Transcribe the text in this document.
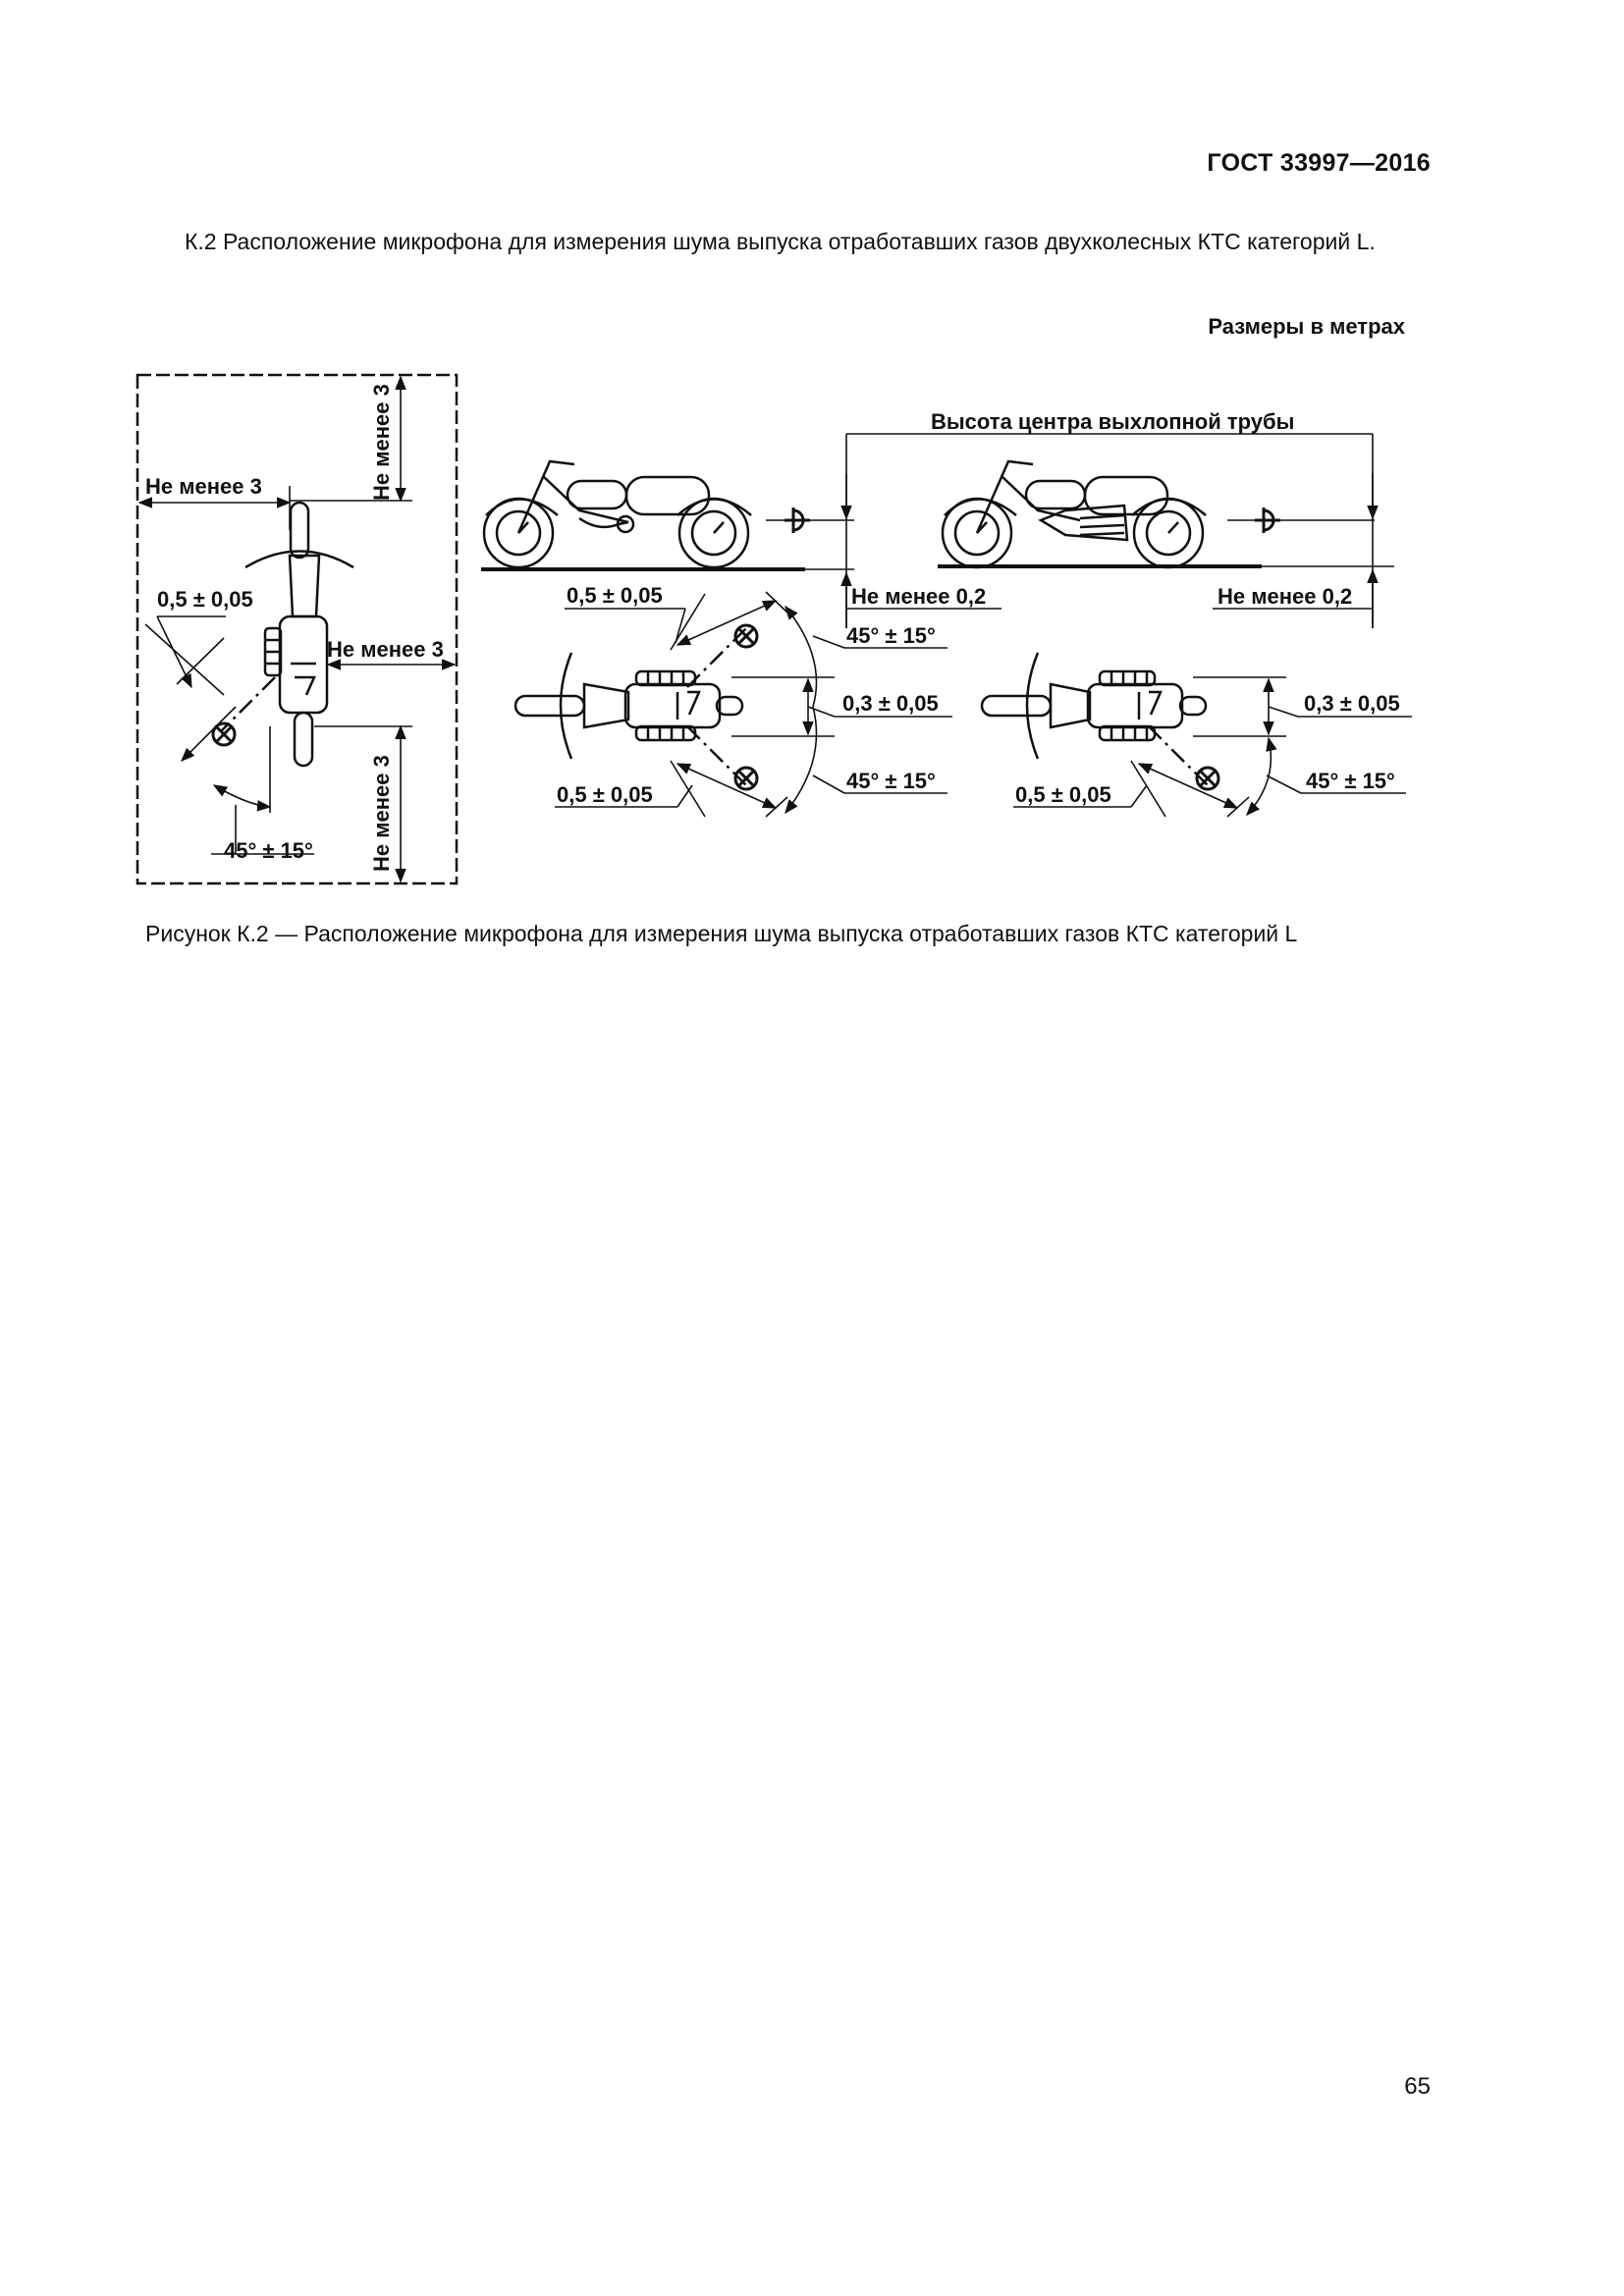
ГОСТ 33997—2016
К.2 Расположение микрофона для измерения шума выпуска отработавших газов двухколесных КТС категорий L.
Размеры в метрах
Не менее 3
Не менее 3
Не менее 3
Не менее 3
0,5 ± 0,05
45° ± 15°
Высота центра выхлопной трубы
Не менее 0,2	Не менее 0,2
0,5 ± 0,05
0,5 ± 0,05
0,3 ± 0,05
45° ± 15°
45° ± 15°
0,5 ± 0,05
0,3 ± 0,05
45° ± 15°
Рисунок К.2 — Расположение микрофона для измерения шума выпуска отработавших газов КТС категорий L
65
